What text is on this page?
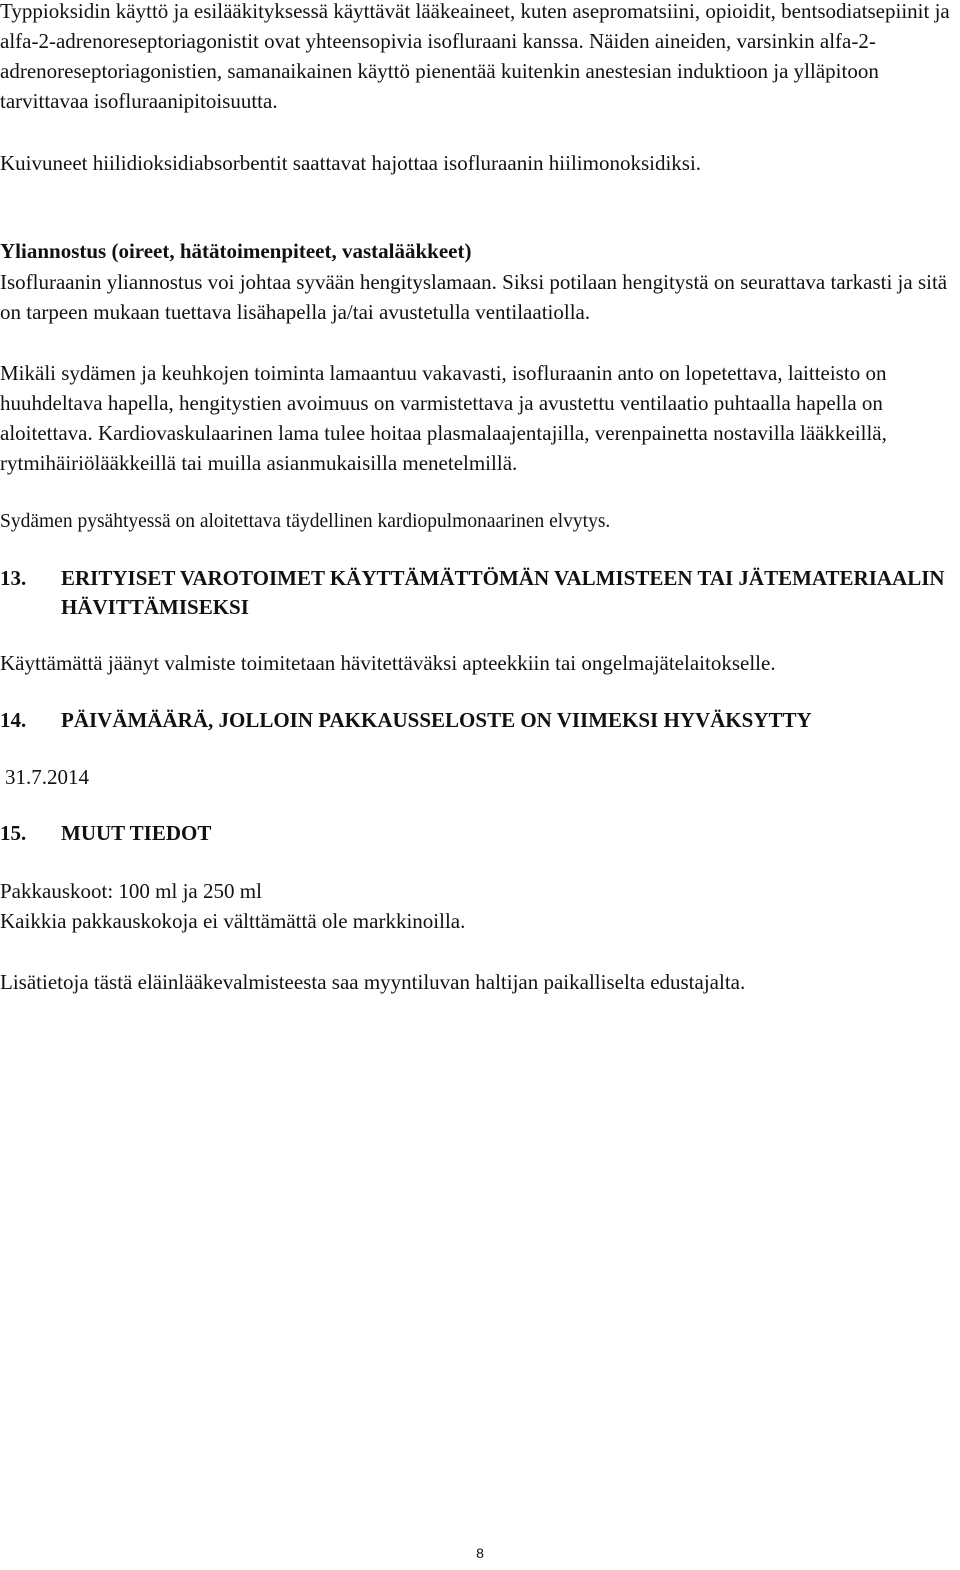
Typpioksidin käyttö ja esilääkityksessä käyttävät lääkeaineet, kuten asepromatsiini, opioidit, bentsodiatsepiinit ja alfa-2-adrenoreseptoriagonistit ovat yhteensopivia isofluraani kanssa. Näiden aineiden, varsinkin alfa-2-adrenoreseptoriagonistien, samanaikainen käyttö pienentää kuitenkin anestesian induktioon ja ylläpitoon tarvittavaa isofluraanipitoisuutta.

Kuivuneet hiilidioksidiabsorbentit saattavat hajottaa isofluraanin hiilimonoksidiksi.

Yliannostus (oireet, hätätoimenpiteet, vastalääkkeet)

Isofluraanin yliannostus voi johtaa syvään hengityslamaan. Siksi potilaan hengitystä on seurattava tarkasti ja sitä on tarpeen mukaan tuettava lisähapella ja/tai avustetulla ventilaatiolla.

Mikäli sydämen ja keuhkojen toiminta lamaantuu vakavasti, isofluraanin anto on lopetettava, laitteisto on huuhdeltava hapella, hengitystien avoimuus on varmistettava ja avustettu ventilaatio puhtaalla hapella on aloitettava. Kardiovaskulaarinen lama tulee hoitaa plasmalaajentajilla, verenpainetta nostavilla lääkkeillä, rytmihäiriölääkkeillä tai muilla asianmukaisilla menetelmillä.

Sydämen pysähtyessä on aloitettava täydellinen kardiopulmonaarinen elvytys.

13.	ERITYISET VAROTOIMET KÄYTTÄMÄTTÖMÄN VALMISTEEN TAI JÄTEMATERIAALIN HÄVITTÄMISEKSI

Käyttämättä jäänyt valmiste toimitetaan hävitettäväksi apteekkiin tai ongelmajätelaitokselle.

14.	PÄIVÄMÄÄRÄ, JOLLOIN PAKKAUSSELOSTE ON VIIMEKSI HYVÄKSYTTY

31.7.2014

15.	MUUT TIEDOT

Pakkauskoot: 100 ml ja 250 ml

Kaikkia pakkauskokoja ei välttämättä ole markkinoilla.

Lisätietoja tästä eläinlääkevalmisteesta saa myyntiluvan haltijan paikalliselta edustajalta.

8
